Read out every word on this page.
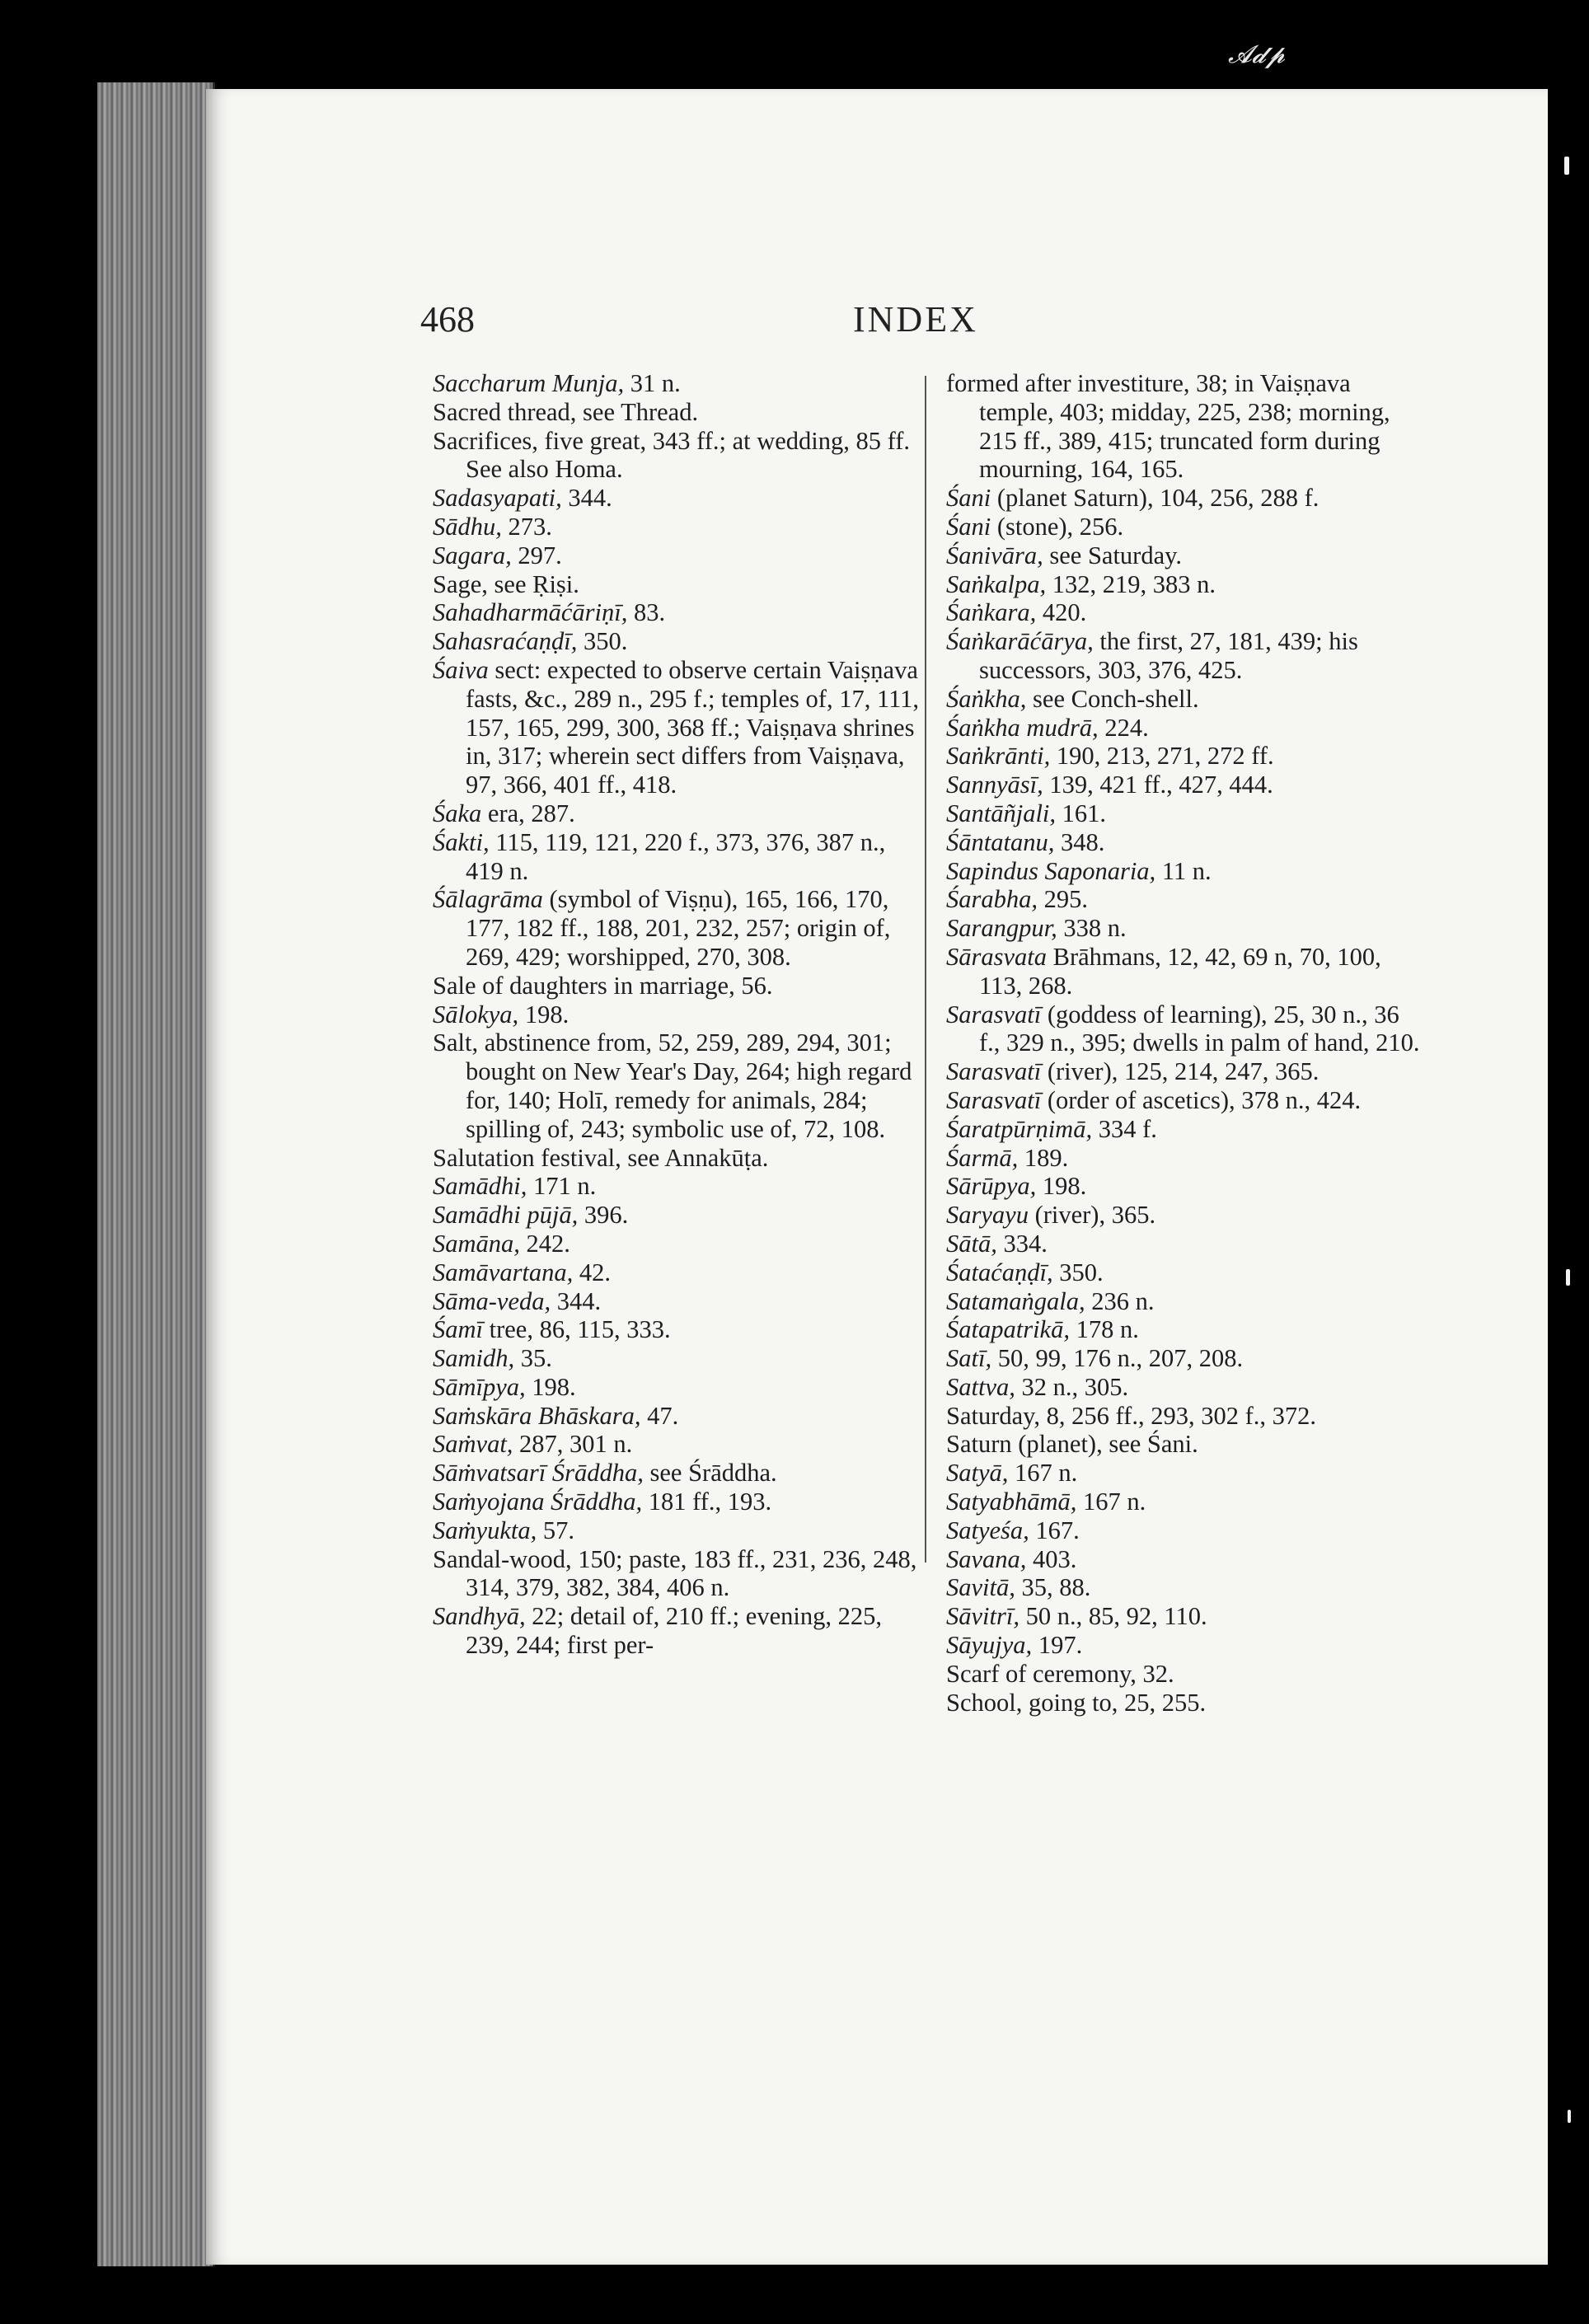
𝓐𝓭𝓹
468	INDEX
Saccharum Munja, 31 n.
Sacred thread, see Thread.
Sacrifices, five great, 343 ff.; at wedding, 85 ff. See also Homa.
Sadasyapati, 344.
Sādhu, 273.
Sagara, 297.
Sage, see Ṛiṣi.
Sahadharmāćāriṇī, 83.
Sahasraćaṇḍī, 350.
Śaiva sect: expected to observe certain Vaiṣṇava fasts, &c., 289 n., 295 f.; temples of, 17, 111, 157, 165, 299, 300, 368 ff.; Vaiṣṇava shrines in, 317; wherein sect differs from Vaiṣṇava, 97, 366, 401 ff., 418.
Śaka era, 287.
Śakti, 115, 119, 121, 220 f., 373, 376, 387 n., 419 n.
Śālagrāma (symbol of Viṣṇu), 165, 166, 170, 177, 182 ff., 188, 201, 232, 257; origin of, 269, 429; worshipped, 270, 308.
Sale of daughters in marriage, 56.
Sālokya, 198.
Salt, abstinence from, 52, 259, 289, 294, 301; bought on New Year's Day, 264; high regard for, 140; Holī, remedy for animals, 284; spilling of, 243; symbolic use of, 72, 108.
Salutation festival, see Annakūṭa.
Samādhi, 171 n.
Samādhi pūjā, 396.
Samāna, 242.
Samāvartana, 42.
Sāma-veda, 344.
Śamī tree, 86, 115, 333.
Samidh, 35.
Sāmīpya, 198.
Saṁskāra Bhāskara, 47.
Saṁvat, 287, 301 n.
Sāṁvatsarī Śrāddha, see Śrāddha.
Saṁyojana Śrāddha, 181 ff., 193.
Saṁyukta, 57.
Sandal-wood, 150; paste, 183 ff., 231, 236, 248, 314, 379, 382, 384, 406 n.
Sandhyā, 22; detail of, 210 ff.; evening, 225, 239, 244; first per-
formed after investiture, 38; in Vaiṣṇava temple, 403; midday, 225, 238; morning, 215 ff., 389, 415; truncated form during mourning, 164, 165.
Śani (planet Saturn), 104, 256, 288 f.
Śani (stone), 256.
Śanivāra, see Saturday.
Saṅkalpa, 132, 219, 383 n.
Śaṅkara, 420.
Śaṅkarāćārya, the first, 27, 181, 439; his successors, 303, 376, 425.
Śaṅkha, see Conch-shell.
Śaṅkha mudrā, 224.
Saṅkrānti, 190, 213, 271, 272 ff.
Sannyāsī, 139, 421 ff., 427, 444.
Santāñjali, 161.
Śāntatanu, 348.
Sapindus Saponaria, 11 n.
Śarabha, 295.
Sarangpur, 338 n.
Sārasvata Brāhmans, 12, 42, 69 n, 70, 100, 113, 268.
Sarasvatī (goddess of learning), 25, 30 n., 36 f., 329 n., 395; dwells in palm of hand, 210.
Sarasvatī (river), 125, 214, 247, 365.
Sarasvatī (order of ascetics), 378 n., 424.
Śaratpūrṇimā, 334 f.
Śarmā, 189.
Sārūpya, 198.
Saryayu (river), 365.
Sātā, 334.
Śataćaṇḍī, 350.
Satamaṅgala, 236 n.
Śatapatrikā, 178 n.
Satī, 50, 99, 176 n., 207, 208.
Sattva, 32 n., 305.
Saturday, 8, 256 ff., 293, 302 f., 372.
Saturn (planet), see Śani.
Satyā, 167 n.
Satyabhāmā, 167 n.
Satyeśa, 167.
Savana, 403.
Savitā, 35, 88.
Sāvitrī, 50 n., 85, 92, 110.
Sāyujya, 197.
Scarf of ceremony, 32.
School, going to, 25, 255.
